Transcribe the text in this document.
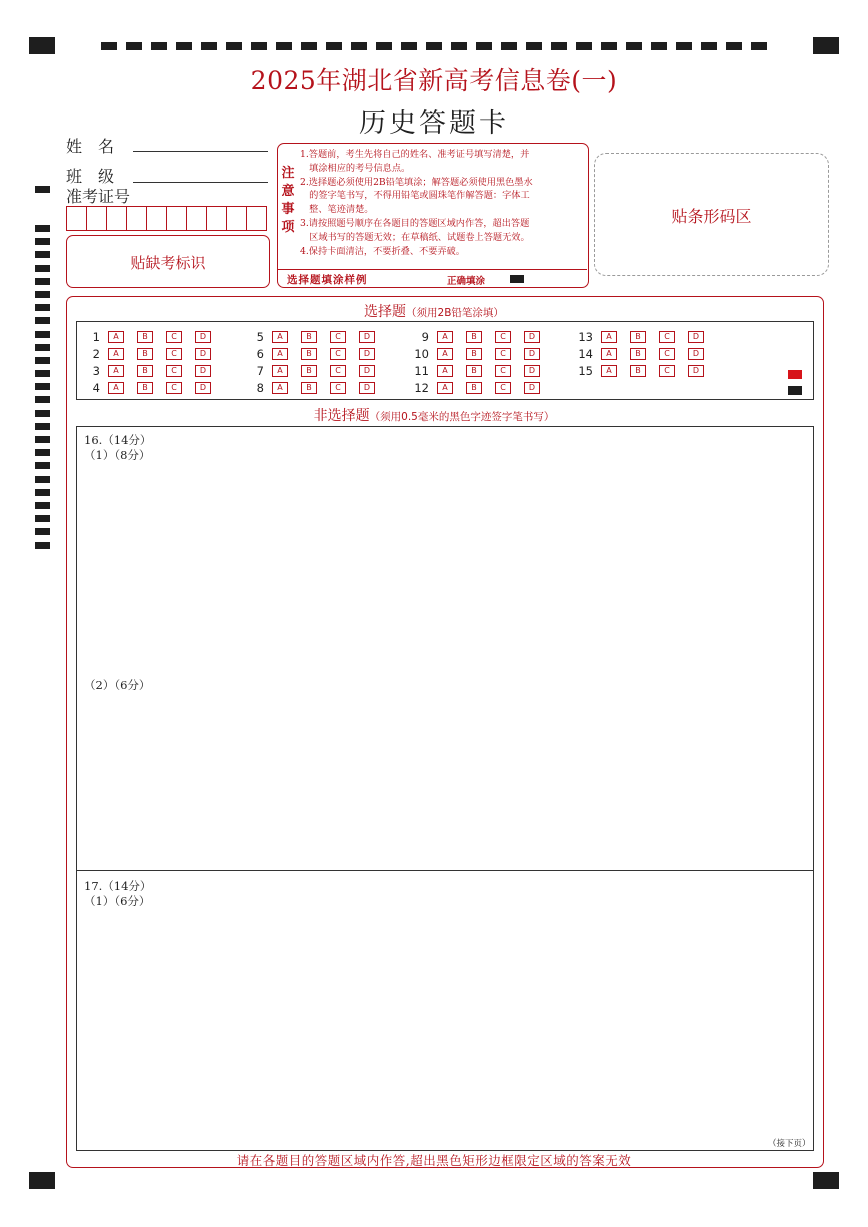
2025年湖北省新高考信息卷(一)
历史答题卡
姓　名
班　级
准考证号
贴缺考标识
注
意
事
项
1.答题前，考生先将自己的姓名、准考证号填写清楚，并
　填涂相应的考号信息点。
2.选择题必须使用2B铅笔填涂；解答题必须使用黑色墨水
　的签字笔书写，不得用铅笔或圆珠笔作解答题：字体工
　整、笔迹清楚。
3.请按照题号顺序在各题目的答题区域内作答，超出答题
　区域书写的答题无效；在草稿纸、试题卷上答题无效。
4.保持卡面清洁，不要折叠、不要弄破。
选择题填涂样例	正确填涂
贴条形码区
选择题（须用2B铅笔涂填）
1	A	B	C	D
2	A	B	C	D
3	A	B	C	D
4	A	B	C	D
5	A	B	C	D
6	A	B	C	D
7	A	B	C	D
8	A	B	C	D
9	A	B	C	D
10	A	B	C	D
11	A	B	C	D
12	A	B	C	D
13	A	B	C	D
14	A	B	C	D
15	A	B	C	D
非选择题（须用0.5毫米的黑色字迹签字笔书写）
16.（14分）
（1）（8分）
（2）（6分）
17.（14分）
（1）（6分）
（接下页）
请在各题目的答题区域内作答,超出黑色矩形边框限定区域的答案无效
